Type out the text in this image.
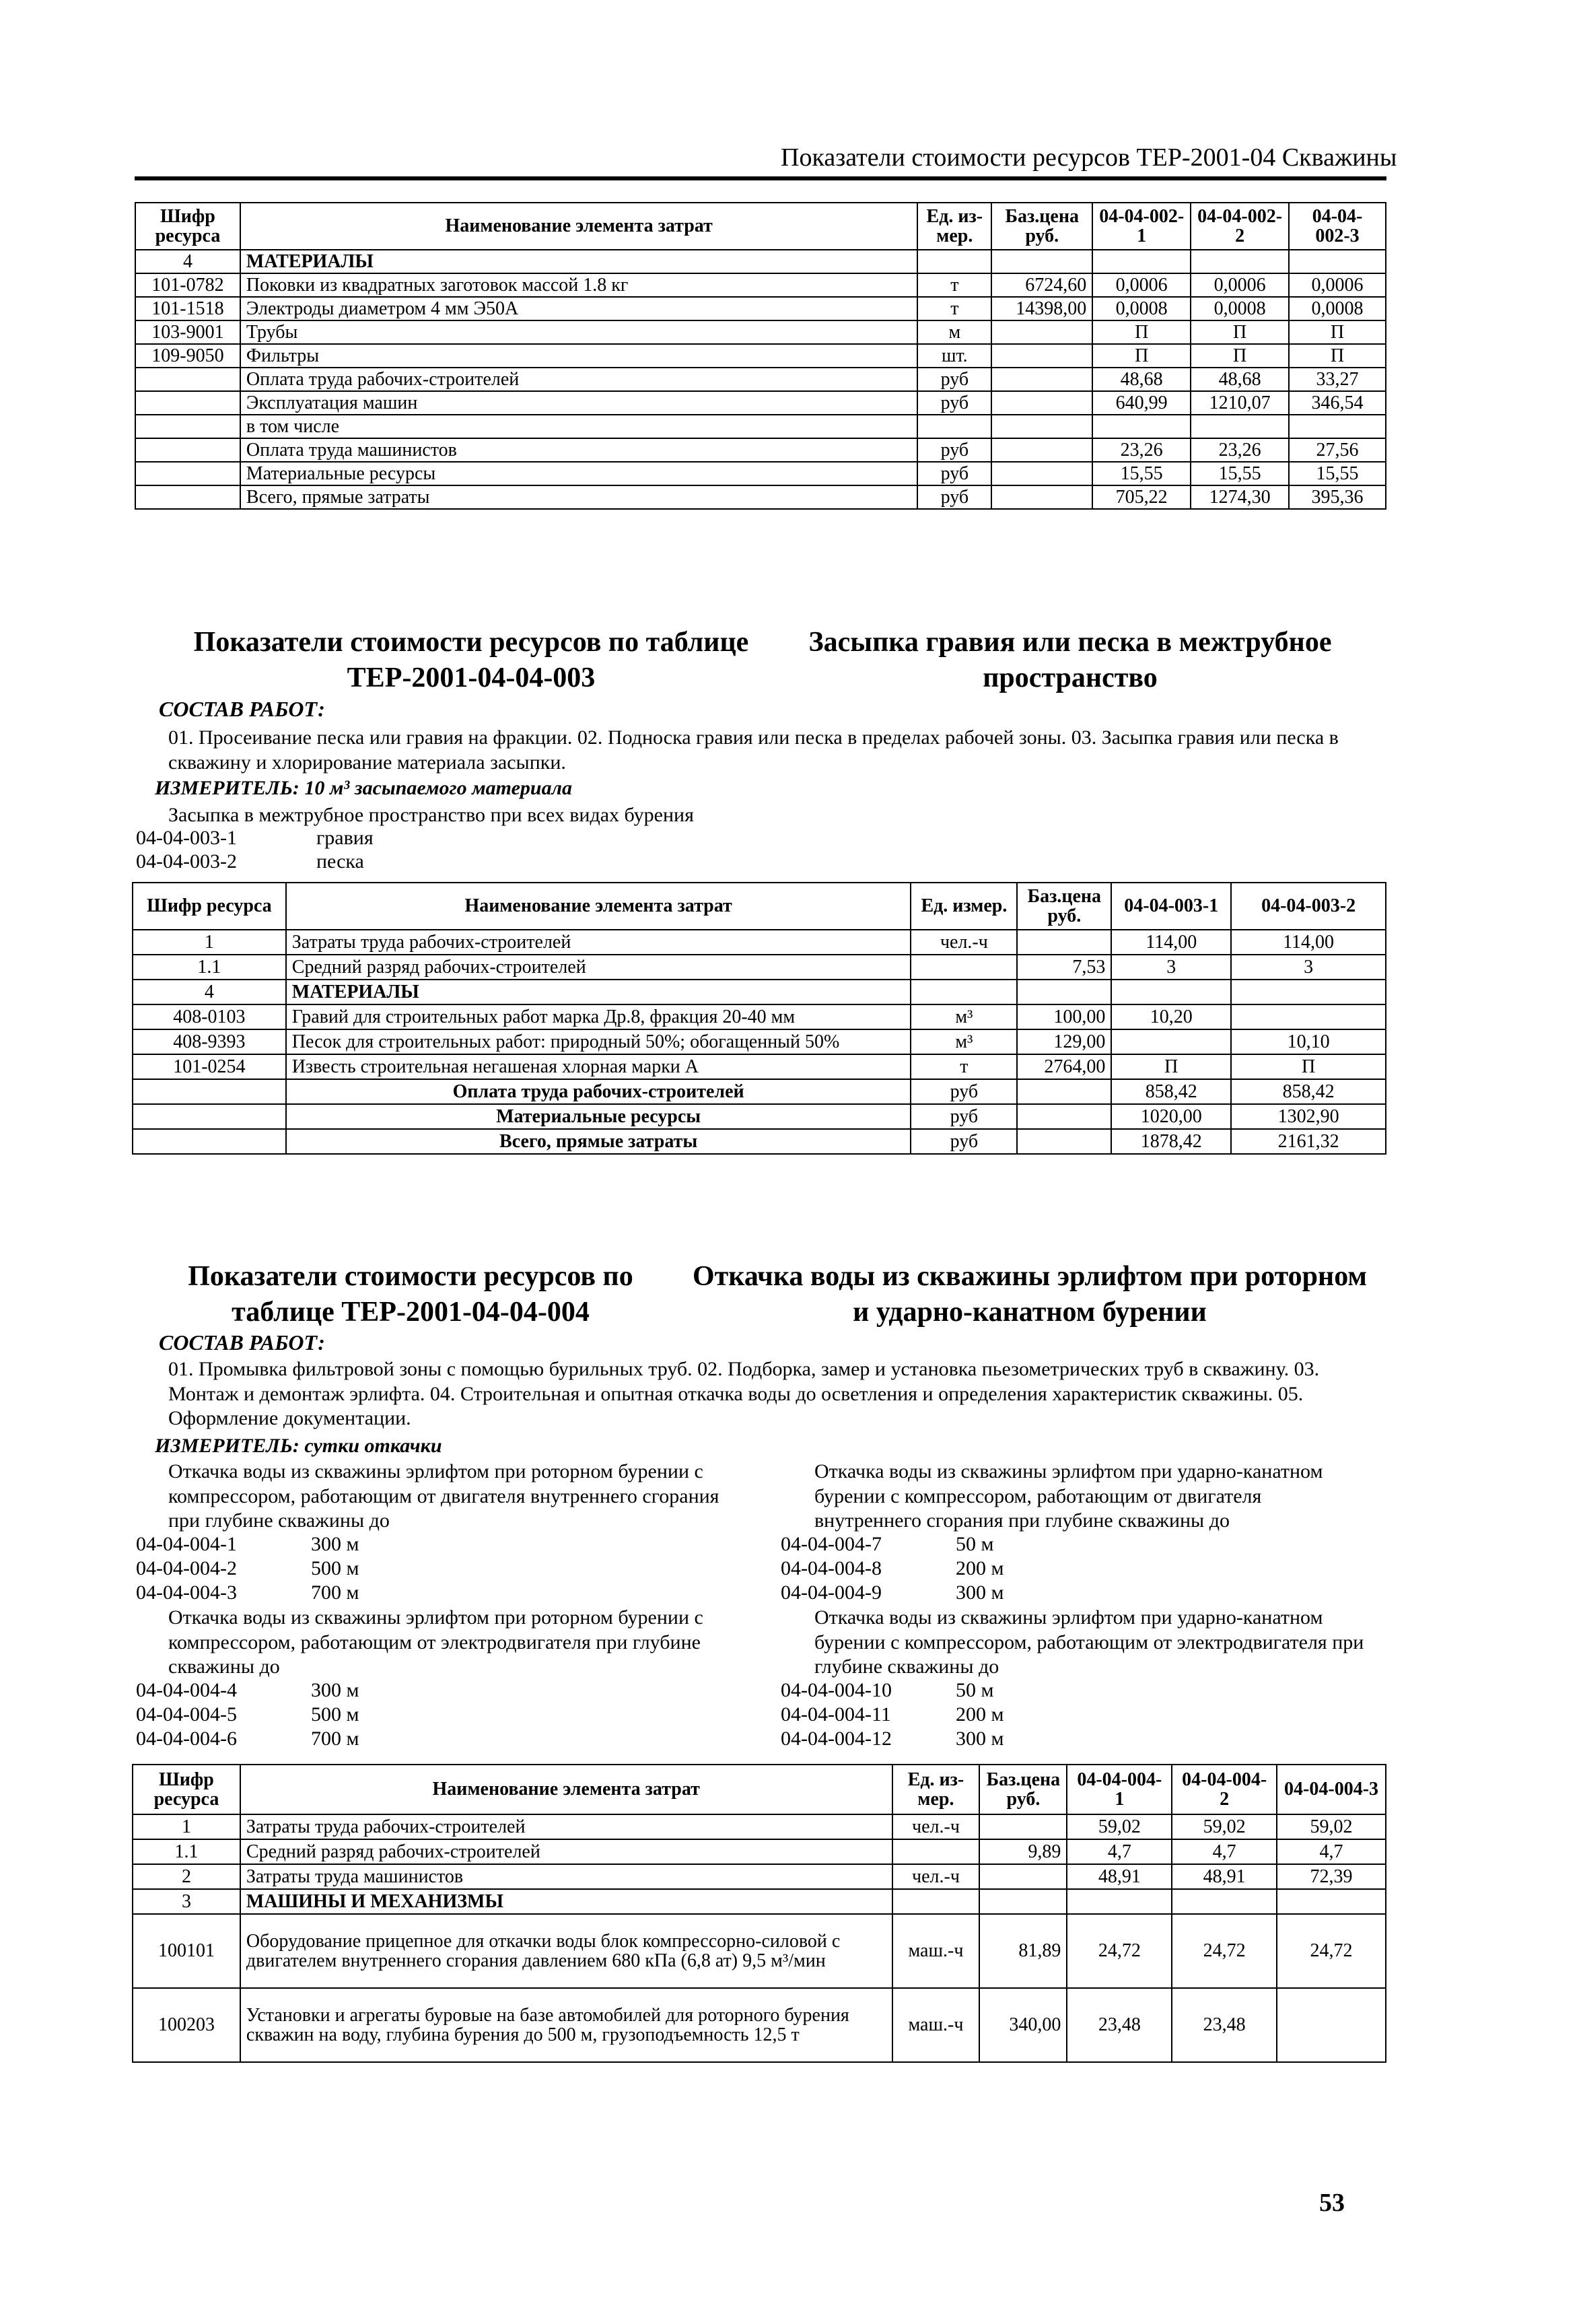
Показатели стоимости ресурсов ТЕР-2001-04 Скважины
Шифр ресурса	Наименование элемента затрат	Ед. из-мер.	Баз.цена руб.	04-04-002-1	04-04-002-2	04-04-002-3
4	МАТЕРИАЛЫ					
101-0782	Поковки из квадратных заготовок массой 1.8 кг	т	6724,60	0,0006	0,0006	0,0006
101-1518	Электроды диаметром 4 мм Э50А	т	14398,00	0,0008	0,0008	0,0008
103-9001	Трубы	м		П	П	П
109-9050	Фильтры	шт.		П	П	П
	Оплата труда рабочих-строителей	руб		48,68	48,68	33,27
	Эксплуатация машин	руб		640,99	1210,07	346,54
	в том числе					
	Оплата труда машинистов	руб		23,26	23,26	27,56
	Материальные ресурсы	руб		15,55	15,55	15,55
	Всего, прямые затраты	руб		705,22	1274,30	395,36
Показатели стоимости ресурсов по таблице ТЕР-2001-04-04-003
Засыпка гравия или песка в межтрубное пространство
СОСТАВ РАБОТ:
01. Просеивание песка или гравия на фракции. 02. Подноска гравия или песка в пределах рабочей зоны. 03. Засыпка гравия или песка в скважину и хлорирование материала засыпки.
ИЗМЕРИТЕЛЬ: 10 м³ засыпаемого материала
Засыпка в межтрубное пространство при всех видах бурения
04-04-003-1	гравия
04-04-003-2	песка
Шифр ресурса	Наименование элемента затрат	Ед. измер.	Баз.цена руб.	04-04-003-1	04-04-003-2
1	Затраты труда рабочих-строителей	чел.-ч		114,00	114,00
1.1	Средний разряд рабочих-строителей		7,53	3	3
4	МАТЕРИАЛЫ				
408-0103	Гравий для строительных работ марка Др.8, фракция 20-40 мм	м³	100,00	10,20	
408-9393	Песок для строительных работ: природный 50%; обогащенный 50%	м³	129,00		10,10
101-0254	Известь строительная негашеная хлорная марки А	т	2764,00	П	П
	Оплата труда рабочих-строителей	руб		858,42	858,42
	Материальные ресурсы	руб		1020,00	1302,90
	Всего, прямые затраты	руб		1878,42	2161,32
Показатели стоимости ресурсов по таблице ТЕР-2001-04-04-004
Откачка воды из скважины эрлифтом при роторном и ударно-канатном бурении
СОСТАВ РАБОТ:
01. Промывка фильтровой зоны с помощью бурильных труб. 02. Подборка, замер и установка пьезометрических труб в скважину. 03. Монтаж и демонтаж эрлифта. 04. Строительная и опытная откачка воды до осветления и определения характеристик скважины. 05. Оформление документации.
ИЗМЕРИТЕЛЬ: сутки откачки
Откачка воды из скважины эрлифтом при роторном бурении с компрессором, работающим от двигателя внутреннего сгорания при глубине скважины до
04-04-004-1	300 м
04-04-004-2	500 м
04-04-004-3	700 м
Откачка воды из скважины эрлифтом при ударно-канатном бурении с компрессором, работающим от двигателя внутреннего сгорания при глубине скважины до
04-04-004-7	50 м
04-04-004-8	200 м
04-04-004-9	300 м
Откачка воды из скважины эрлифтом при роторном бурении с компрессором, работающим от электродвигателя при глубине скважины до
04-04-004-4	300 м
04-04-004-5	500 м
04-04-004-6	700 м
Откачка воды из скважины эрлифтом при ударно-канатном бурении с компрессором, работающим от электродвигателя при глубине скважины до
04-04-004-10	50 м
04-04-004-11	200 м
04-04-004-12	300 м
Шифр ресурса	Наименование элемента затрат	Ед. из-мер.	Баз.цена руб.	04-04-004-1	04-04-004-2	04-04-004-3
1	Затраты труда рабочих-строителей	чел.-ч		59,02	59,02	59,02
1.1	Средний разряд рабочих-строителей		9,89	4,7	4,7	4,7
2	Затраты труда машинистов	чел.-ч		48,91	48,91	72,39
3	МАШИНЫ И МЕХАНИЗМЫ					
100101	Оборудование прицепное для откачки воды блок компрессорно-силовой с двигателем внутреннего сгорания давлением 680 кПа (6,8 ат) 9,5 м³/мин	маш.-ч	81,89	24,72	24,72	24,72
100203	Установки и агрегаты буровые на базе автомобилей для роторного бурения скважин на воду, глубина бурения до 500 м, грузоподъемность 12,5 т	маш.-ч	340,00	23,48	23,48	
53
